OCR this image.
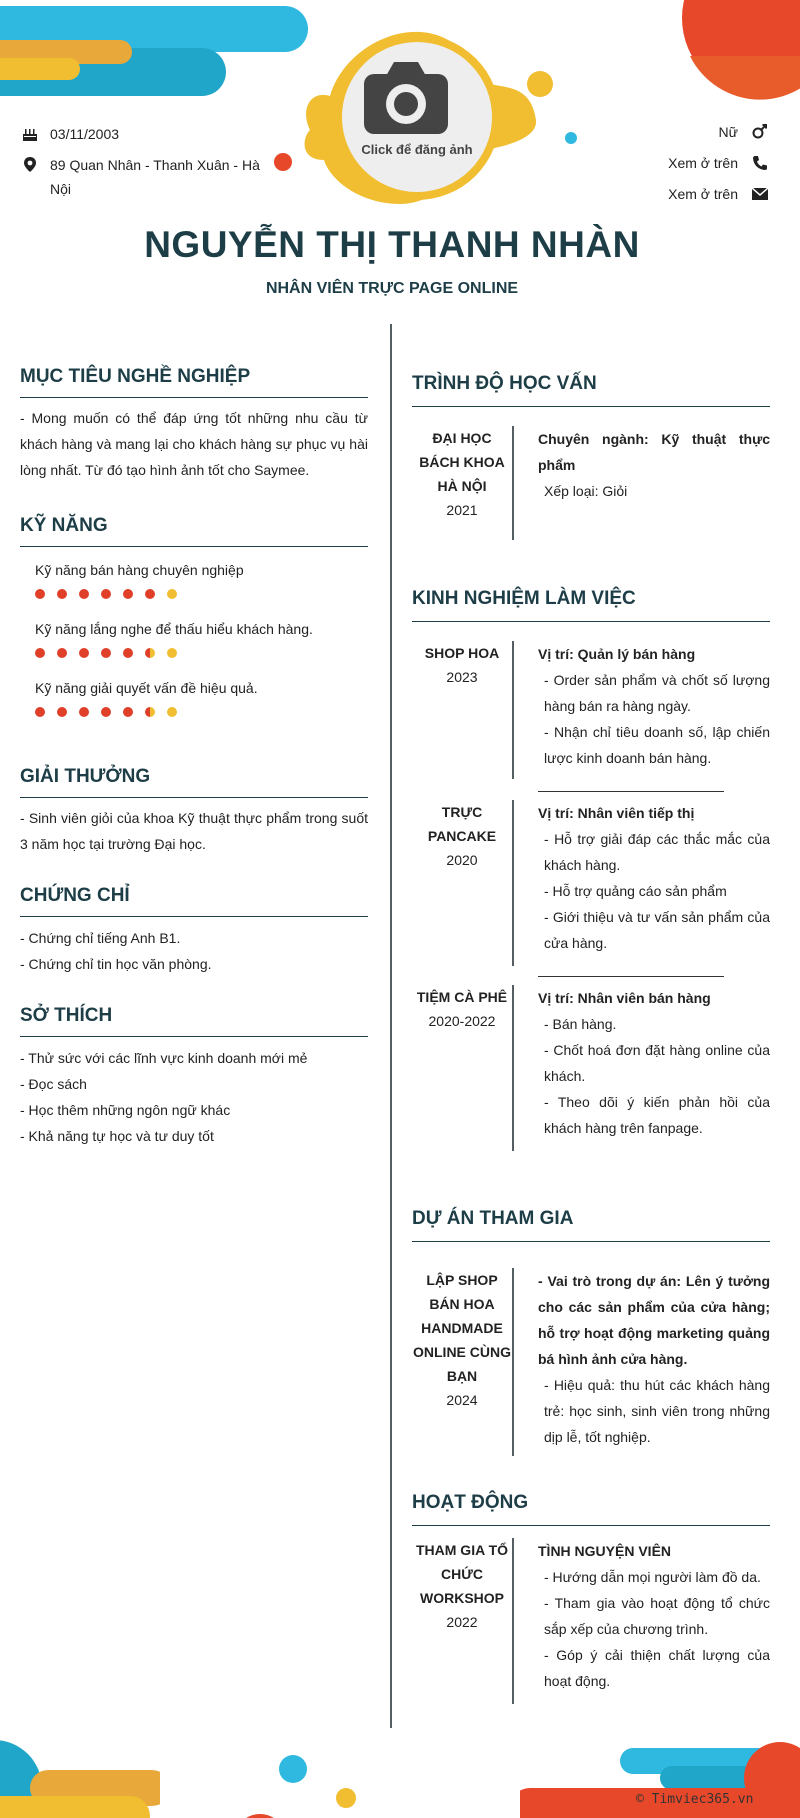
Click để đăng ảnh
03/11/2003
89 Quan Nhân - Thanh Xuân - Hà Nội
Nữ
Xem ở trên
Xem ở trên
NGUYỄN THỊ THANH NHÀN
NHÂN VIÊN TRỰC PAGE ONLINE
MỤC TIÊU NGHỀ NGHIỆP
- Mong muốn có thể đáp ứng tốt những nhu cầu từ khách hàng và mang lại cho khách hàng sự phục vụ hài lòng nhất. Từ đó tạo hình ảnh tốt cho Saymee.
KỸ NĂNG
Kỹ năng bán hàng chuyên nghiệp
Kỹ năng lắng nghe để thấu hiểu khách hàng.
Kỹ năng giải quyết vấn đề hiệu quả.
GIẢI THƯỞNG
- Sinh viên giỏi của khoa Kỹ thuật thực phẩm trong suốt 3 năm học tại trường Đại học.
CHỨNG CHỈ
- Chứng chỉ tiếng Anh B1.
- Chứng chỉ tin học văn phòng.
SỞ THÍCH
- Thử sức với các lĩnh vực kinh doanh mới mẻ
- Đọc sách
- Học thêm những ngôn ngữ khác
- Khả năng tự học và tư duy tốt
TRÌNH ĐỘ HỌC VẤN
ĐẠI HỌC
BÁCH KHOA
HÀ NỘI
2021
Chuyên ngành: Kỹ thuật thực phẩm
Xếp loại: Giỏi
KINH NGHIỆM LÀM VIỆC
SHOP HOA
2023
Vị trí: Quản lý bán hàng
- Order sản phẩm và chốt số lượng hàng bán ra hàng ngày.
- Nhận chỉ tiêu doanh số, lập chiến lược kinh doanh bán hàng.
TRỰC
PANCAKE
2020
Vị trí: Nhân viên tiếp thị
- Hỗ trợ giải đáp các thắc mắc của khách hàng.
- Hỗ trợ quảng cáo sản phẩm
- Giới thiệu và tư vấn sản phẩm của cửa hàng.
TIỆM CÀ PHÊ
2020-2022
Vị trí: Nhân viên bán hàng
- Bán hàng.
- Chốt hoá đơn đặt hàng online của khách.
- Theo dõi ý kiến phản hồi của khách hàng trên fanpage.
DỰ ÁN THAM GIA
LẬP SHOP
BÁN HOA
HANDMADE
ONLINE CÙNG
BẠN
2024
- Vai trò trong dự án: Lên ý tưởng cho các sản phẩm của cửa hàng; hỗ trợ hoạt động marketing quảng bá hình ảnh cửa hàng.
- Hiệu quả: thu hút các khách hàng trẻ: học sinh, sinh viên trong những dịp lễ, tốt nghiệp.
HOẠT ĐỘNG
THAM GIA TỔ
CHỨC
WORKSHOP
2022
TÌNH NGUYỆN VIÊN
- Hướng dẫn mọi người làm đồ da.
- Tham gia vào hoạt động tổ chức sắp xếp của chương trình.
- Góp ý cải thiện chất lượng của hoạt động.
© Timviec365.vn
